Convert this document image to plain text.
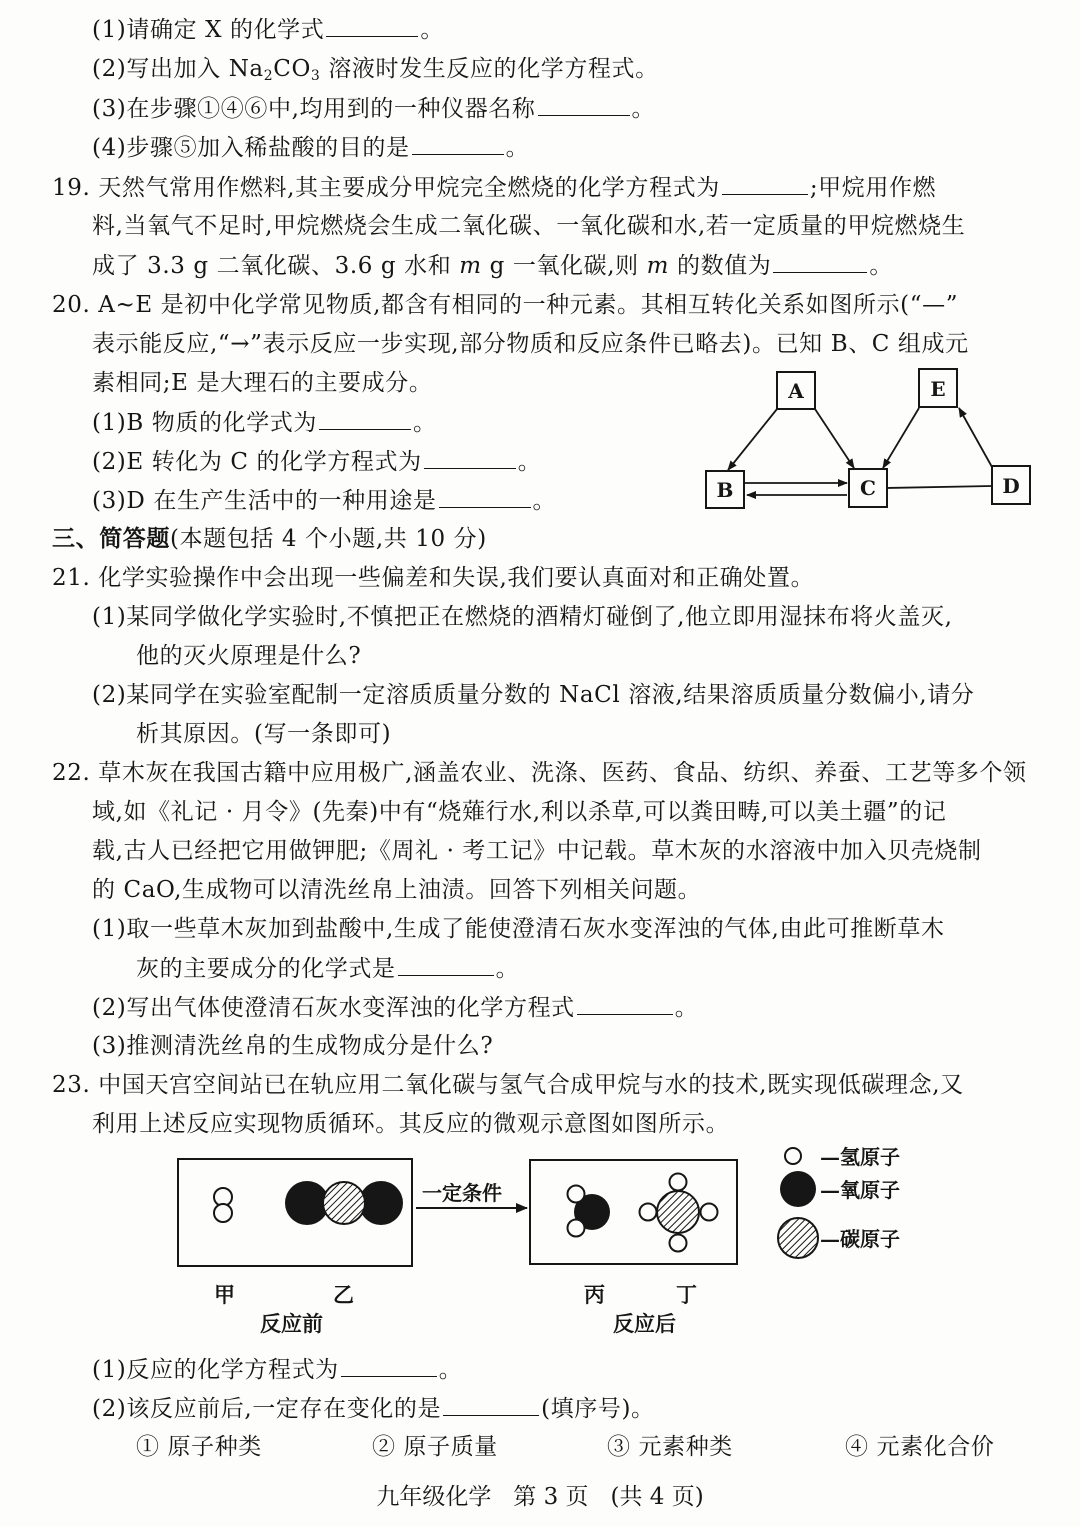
(1)请确定 X 的化学式	。
(2)写出加入 $Na_2CO_3$ 溶液时发生反应的化学方程式。
(3)在步骤①④⑥中,均用到的一种仪器名称	。
(4)步骤⑤加入稀盐酸的目的是	。
19. 天然气常用作燃料,其主要成分甲烷完全燃烧的化学方程式为	;甲烷用作燃
料,当氧气不足时,甲烷燃烧会生成二氧化碳、一氧化碳和水,若一定质量的甲烷燃烧生
成了 3.3 g 二氧化碳、3.6 g 水和 m g 一氧化碳,则 m 的数值为	。
20. A~E 是初中化学常见物质,都含有相同的一种元素。其相互转化关系如图所示(“—”
表示能反应,“→”表示反应一步实现,部分物质和反应条件已略去)。已知 B、C 组成元
素相同;E 是大理石的主要成分。
(1)B 物质的化学式为	。
(2)E 转化为 C 的化学方程式为	。
(3)D 在生产生活中的一种用途是	。
A
B	C	D
E
三、简答题(本题包括 4 个小题,共 10 分)
21. 化学实验操作中会出现一些偏差和失误,我们要认真面对和正确处置。
(1)某同学做化学实验时,不慎把正在燃烧的酒精灯碰倒了,他立即用湿抹布将火盖灭,
他的灭火原理是什么?
(2)某同学在实验室配制一定溶质质量分数的 NaCl 溶液,结果溶质质量分数偏小,请分
析其原因。(写一条即可)
22. 草木灰在我国古籍中应用极广,涵盖农业、洗涤、医药、食品、纺织、养蚕、工艺等多个领
域,如《礼记 · 月令》(先秦)中有“烧薙行水,利以杀草,可以粪田畴,可以美土疆”的记
载,古人已经把它用做钾肥;《周礼 · 考工记》中记载。草木灰的水溶液中加入贝壳烧制
的 CaO,生成物可以清洗丝帛上油渍。回答下列相关问题。
(1)取一些草木灰加到盐酸中,生成了能使澄清石灰水变浑浊的气体,由此可推断草木
灰的主要成分的化学式是	。
(2)写出气体使澄清石灰水变浑浊的化学方程式	。
(3)推测清洗丝帛的生成物成分是什么?
23. 中国天宫空间站已在轨应用二氧化碳与氢气合成甲烷与水的技术,既实现低碳理念,又
利用上述反应实现物质循环。其反应的微观示意图如图所示。
一定条件
—氢原子
—氧原子
—碳原子
甲	乙
反应前
丙	丁
反应后
(1)反应的化学方程式为	。
(2)该反应前后,一定存在变化的是	(填序号)。
① 原子种类	② 原子质量	③ 元素种类	④ 元素化合价
九年级化学 第 3 页 (共 4 页)
